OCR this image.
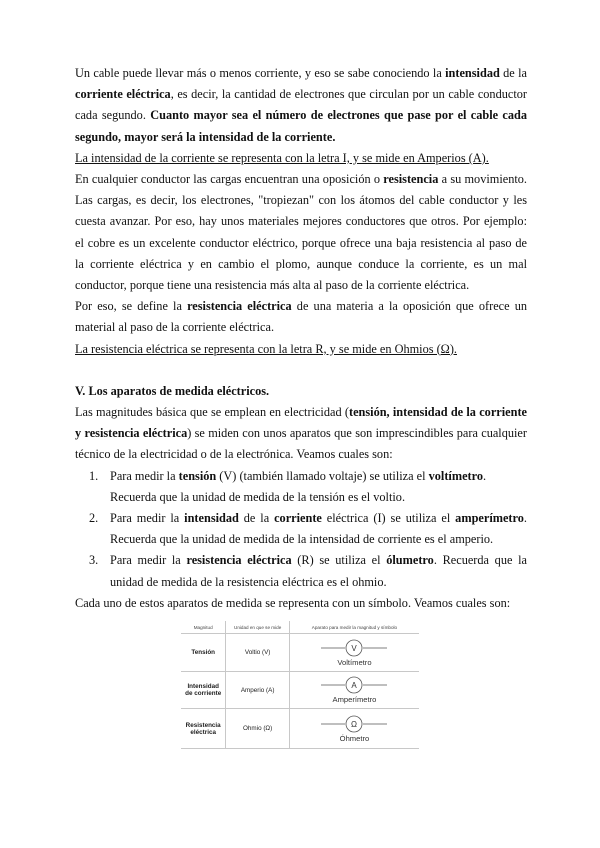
Un cable puede llevar más o menos corriente, y eso se sabe conociendo la intensidad de la corriente eléctrica, es decir, la cantidad de electrones que circulan por un cable conductor cada segundo. Cuanto mayor sea el número de electrones que pase por el cable cada segundo, mayor será la intensidad de la corriente.

La intensidad de la corriente se representa con la letra I, y se mide en Amperios (A).

En cualquier conductor las cargas encuentran una oposición o resistencia a su movimiento. Las cargas, es decir, los electrones, "tropiezan" con los átomos del cable conductor y les cuesta avanzar. Por eso, hay unos materiales mejores conductores que otros. Por ejemplo: el cobre es un excelente conductor eléctrico, porque ofrece una baja resistencia al paso de la corriente eléctrica y en cambio el plomo, aunque conduce la corriente, es un mal conductor, porque tiene una resistencia más alta al paso de la corriente eléctrica.

Por eso, se define la resistencia eléctrica de una materia a la oposición que ofrece un material al paso de la corriente eléctrica.

La resistencia eléctrica se representa con la letra R, y se mide en Ohmios (Ω).

V. Los aparatos de medida eléctricos.

Las magnitudes básica que se emplean en electricidad (tensión, intensidad de la corriente y resistencia eléctrica) se miden con unos aparatos que son imprescindibles para cualquier técnico de la electricidad o de la electrónica. Veamos cuales son:

1. Para medir la tensión (V) (también llamado voltaje) se utiliza el voltímetro.
Recuerda que la unidad de medida de la tensión es el voltio.
2. Para medir la intensidad de la corriente eléctrica (I) se utiliza el amperímetro. Recuerda que la unidad de medida de la intensidad de corriente es el amperio.
3. Para medir la resistencia eléctrica (R) se utiliza el ólumetro. Recuerda que la unidad de medida de la resistencia eléctrica es el ohmio.

Cada uno de estos aparatos de medida se representa con un símbolo. Veamos cuales son:

Magnitud	Unidad en que se mide	Aparato para medir la magnitud y símbolo
Tensión	Voltio (V)	V
Voltímetro

Intensidad de corriente	Amperio (A)	A
Amperímetro

Resistencia eléctrica	Ohmio (Ω)	Ω
Óhmetro
